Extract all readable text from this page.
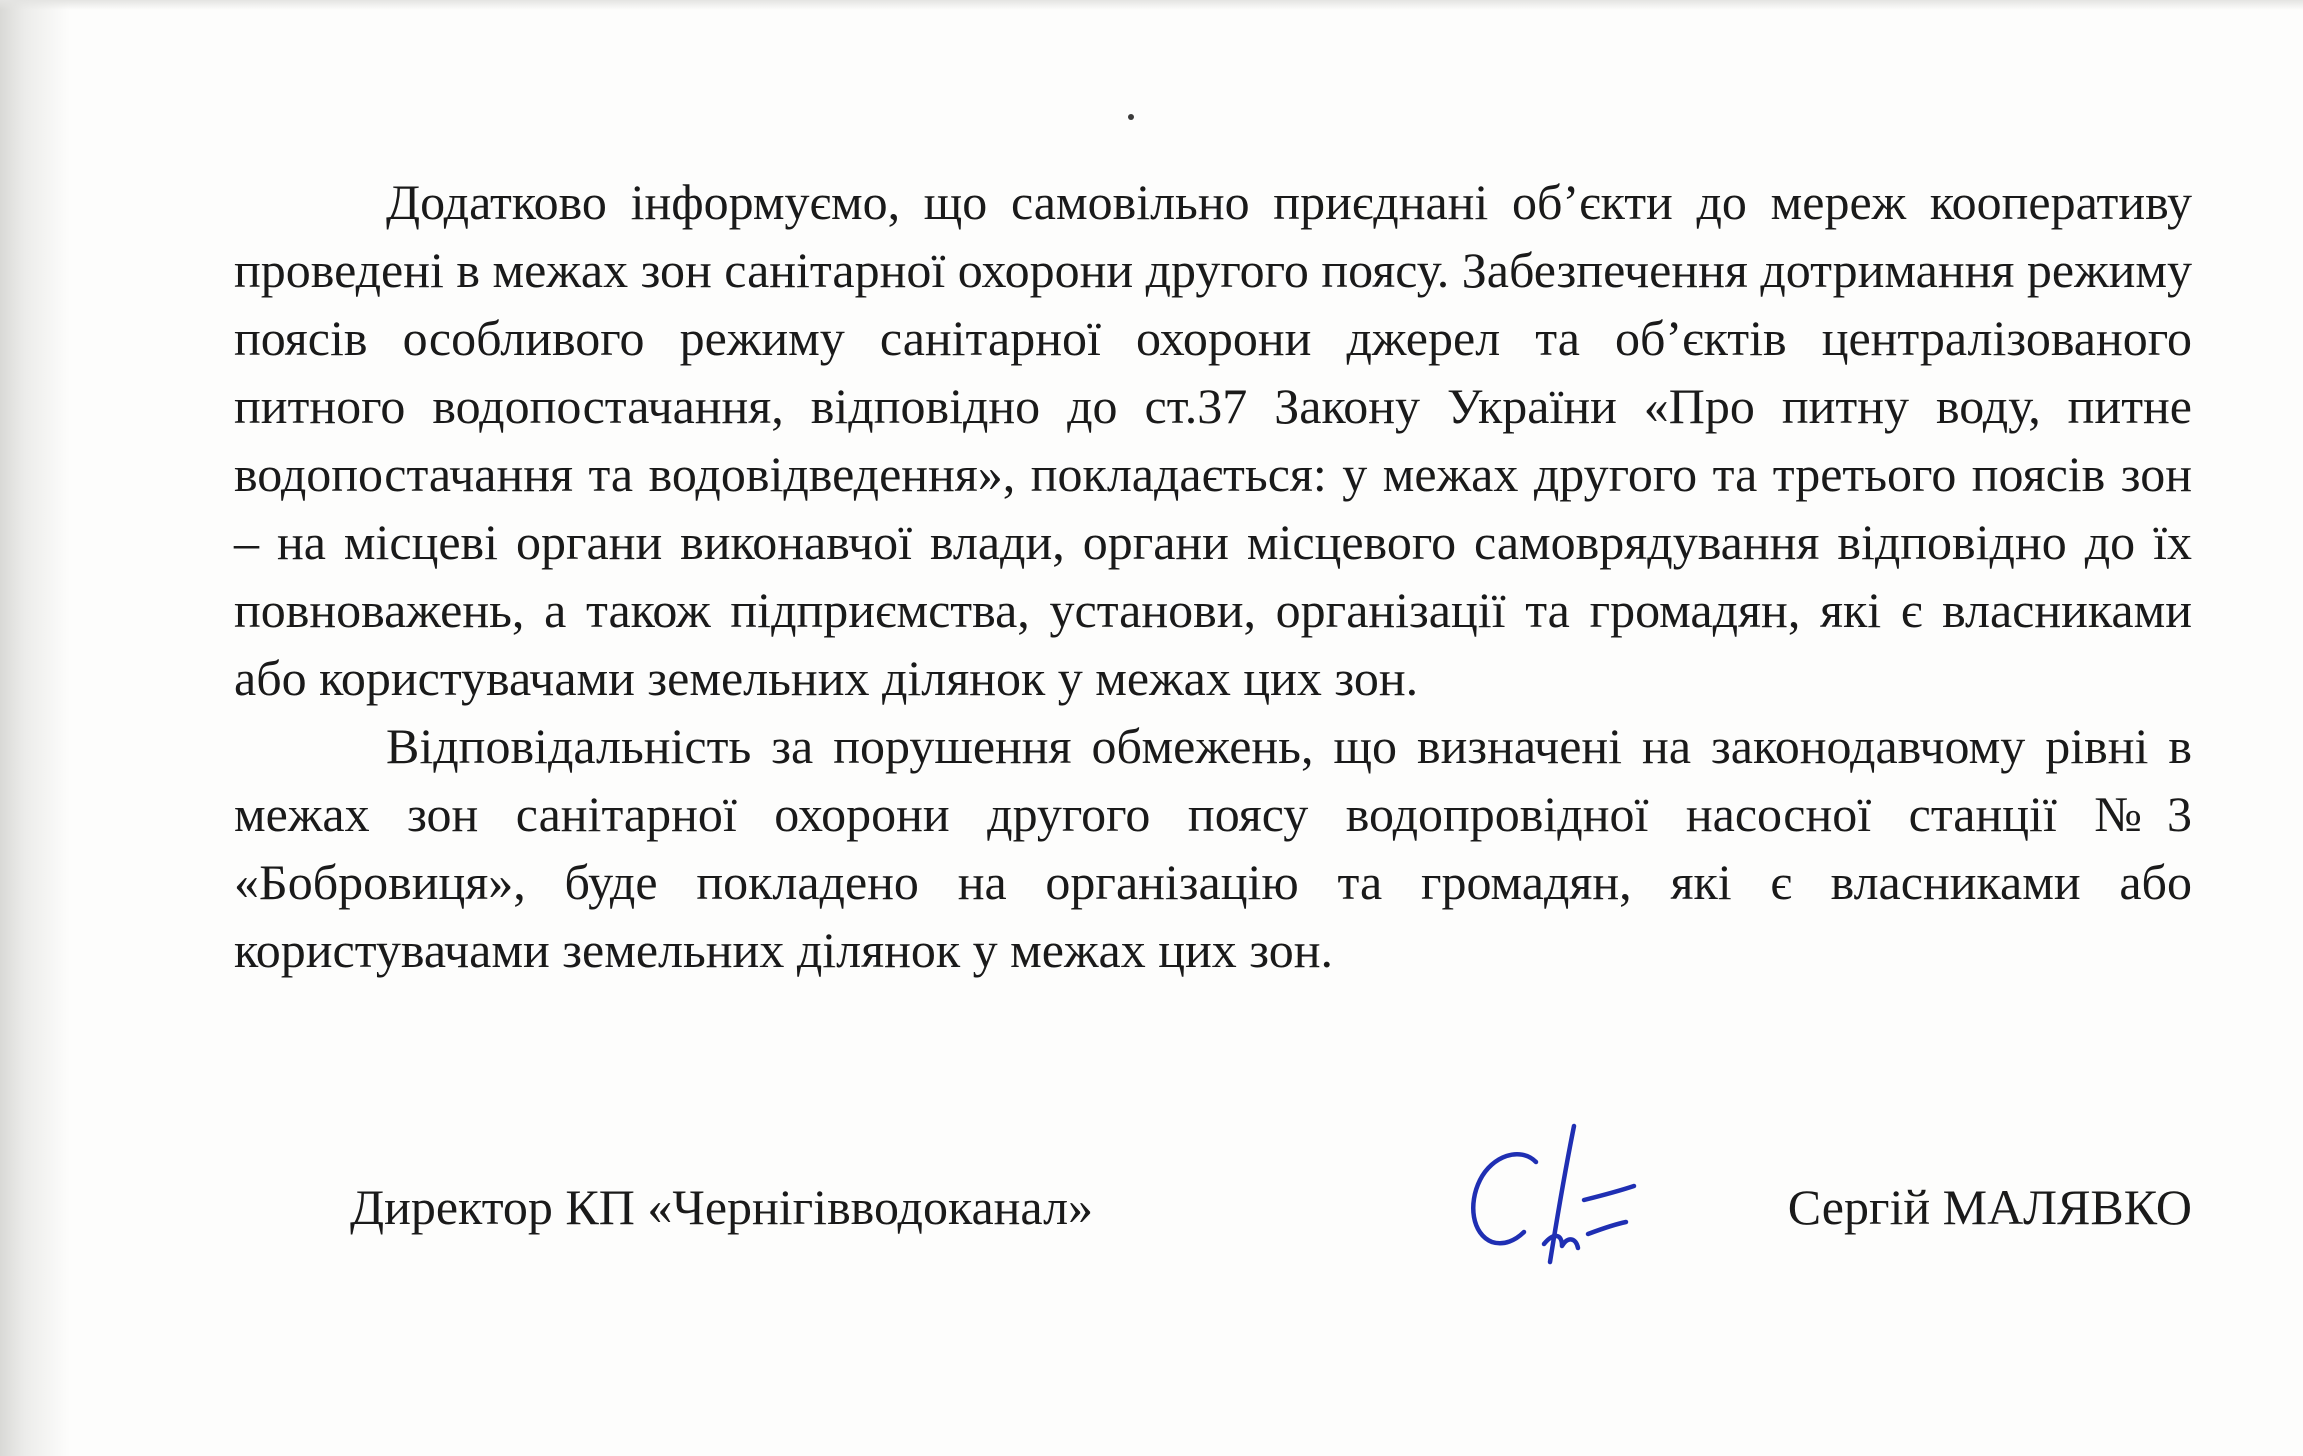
Додатково інформуємо, що самовільно приєднані об’єкти до мереж кооперативу проведені в межах зон санітарної охорони другого поясу. Забезпечення дотримання режиму поясів особливого режиму санітарної охорони джерел та об’єктів централізованого питного водопостачання, відповідно до ст.37 Закону України «Про питну воду, питне водопостачання та водовідведення», покладається: у межах другого та третього поясів зон – на місцеві органи виконавчої влади, органи місцевого самоврядування відповідно до їх повноважень, а також підприємства, установи, організації та громадян, які є власниками або користувачами земельних ділянок у межах цих зон.

Відповідальність за порушення обмежень, що визначені на законодавчому рівні в межах зон санітарної охорони другого поясу водопровідної насосної станції №3 «Бобровиця», буде покладено на організацію та громадян, які є власниками або користувачами земельних ділянок у межах цих зон.

Директор КП «Чернігівводоканал»	Сергій МАЛЯВКО
